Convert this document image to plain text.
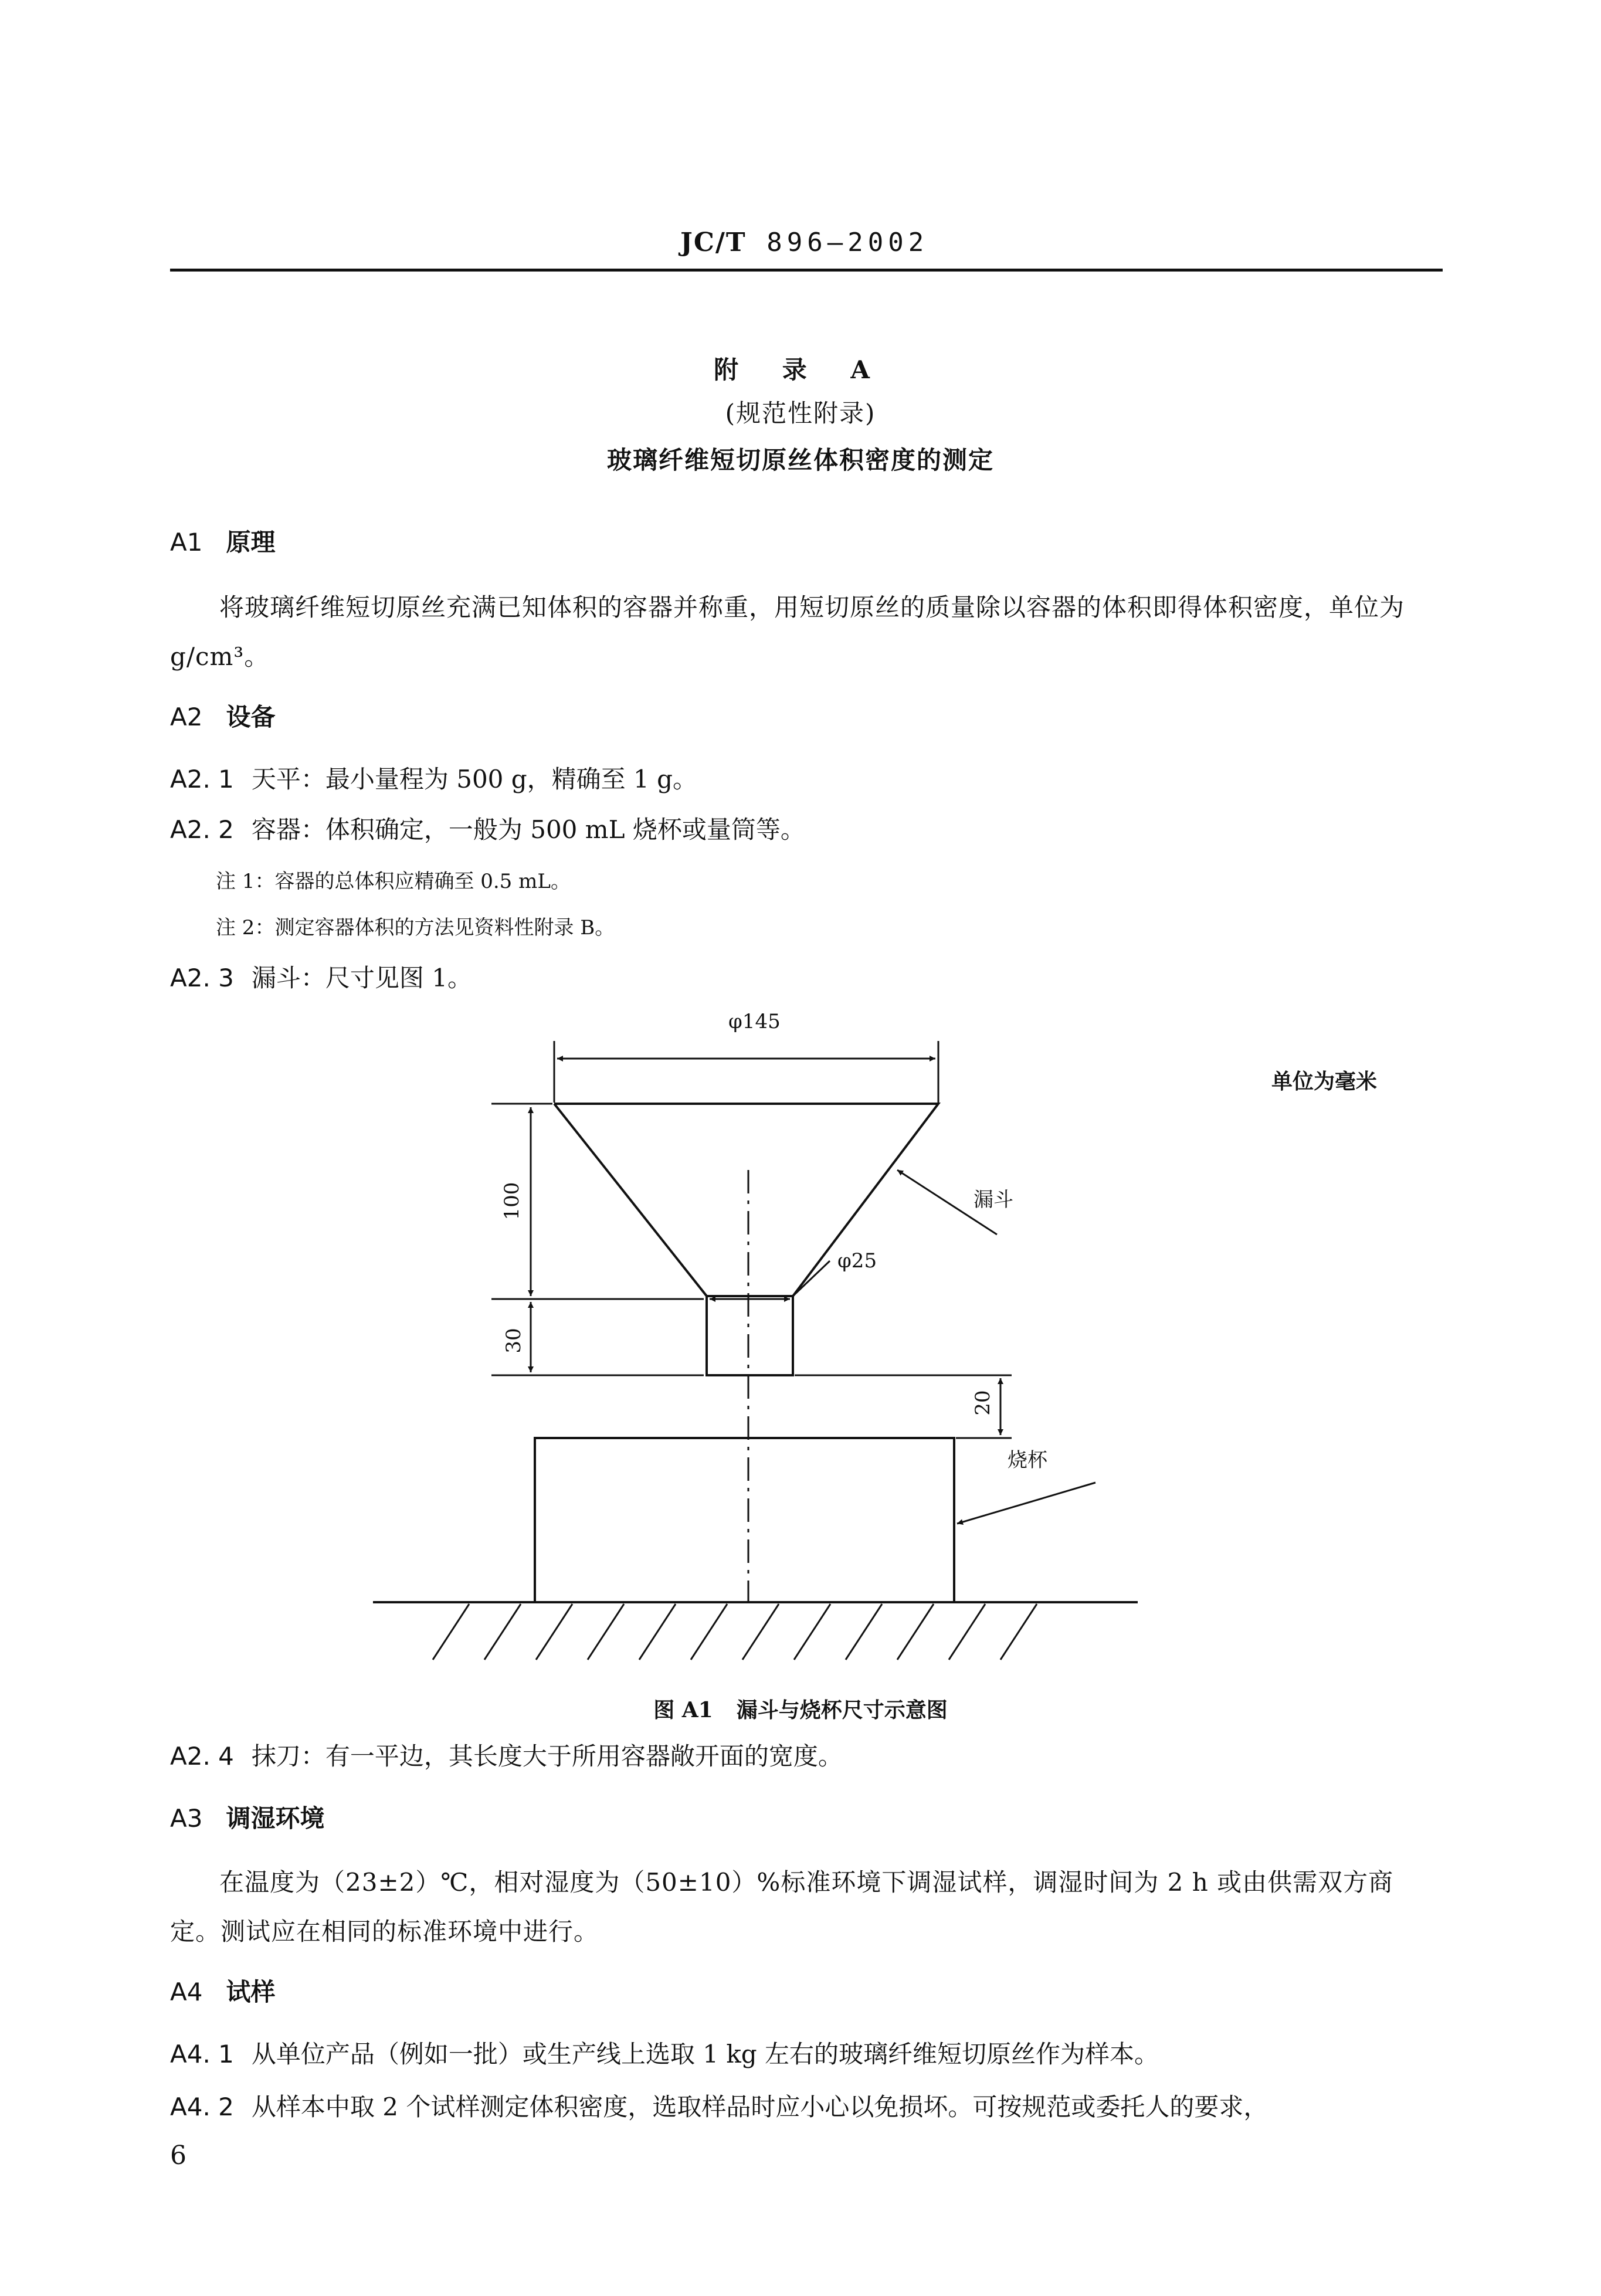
JC/T 896—2002
附 录 A
(规范性附录)
玻璃纤维短切原丝体积密度的测定
A1 原理
将玻璃纤维短切原丝充满已知体积的容器并称重，用短切原丝的质量除以容器的体积即得体积密度，单位为 g/cm³。
A2 设备
A2. 1 天平：最小量程为 500 g，精确至 1 g。
A2. 2 容器：体积确定，一般为 500 mL 烧杯或量筒等。
注 1：容器的总体积应精确至 0.5 mL。
注 2：测定容器体积的方法见资料性附录 B。
A2. 3 漏斗：尺寸见图 1。
φ145
φ25
100
30
20
漏斗
烧杯
单位为毫米
图 A1 漏斗与烧杯尺寸示意图
A2. 4 抹刀：有一平边，其长度大于所用容器敞开面的宽度。
A3 调湿环境
在温度为（23±2）℃，相对湿度为（50±10）%标准环境下调湿试样，调湿时间为 2 h 或由供需双方商定。测试应在相同的标准环境中进行。
A4 试样
A4. 1 从单位产品（例如一批）或生产线上选取 1 kg 左右的玻璃纤维短切原丝作为样本。
A4. 2 从样本中取 2 个试样测定体积密度，选取样品时应小心以免损坏。可按规范或委托人的要求，
6
